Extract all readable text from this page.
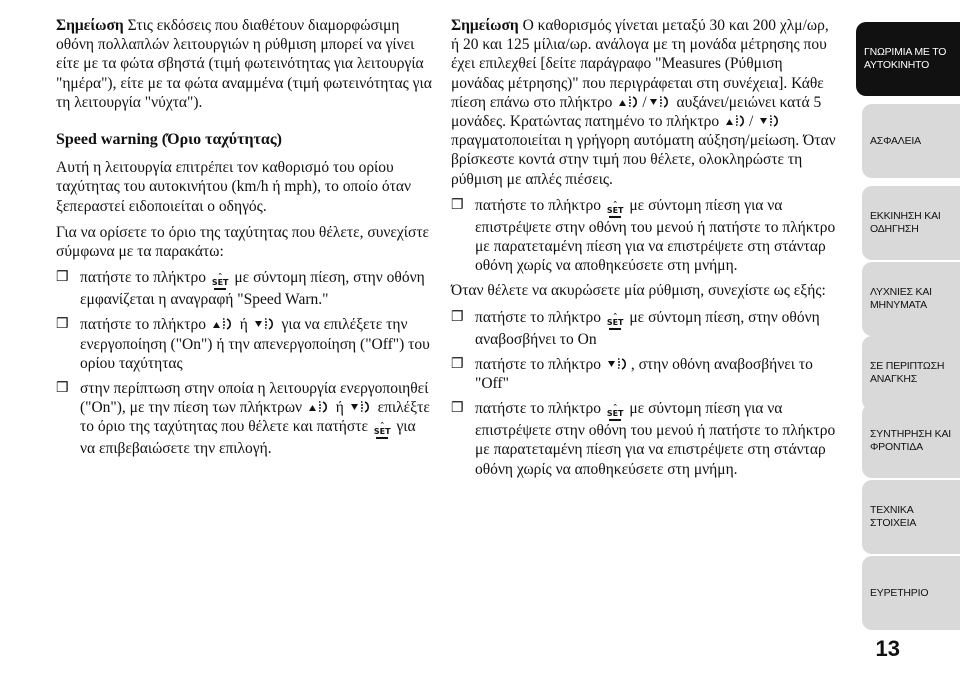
Σημείωση Στις εκδόσεις που διαθέτουν διαμορφώσιμη οθόνη πολλαπλών λειτουργιών η ρύθμιση μπορεί να γίνει είτε με τα φώτα σβηστά (τιμή φωτεινότητας για λειτουργία "ημέρα"), είτε με τα φώτα αναμμένα (τιμή φωτεινότητας για τη λειτουργία "νύχτα").

Speed warning (Όριο ταχύτητας)

Αυτή η λειτουργία επιτρέπει τον καθορισμό του ορίου ταχύτητας του αυτοκινήτου (km/h ή mph), το οποίο όταν ξεπεραστεί ειδοποιείται ο οδηγός.

Για να ορίσετε το όριο της ταχύτητας που θέλετε, συνεχίστε σύμφωνα με τα παρακάτω:

❒ πατήστε το πλήκτρο	⌃
SET με σύντομη πίεση, στην οθόνη εμφανίζεται η αναγραφή "Speed Warn."
❒ πατήστε το πλήκτρο ή για να επιλέξετε την ενεργοποίηση ("On") ή την απενεργοποίηση ("Off") του ορίου ταχύτητας
❒ στην περίπτωση στην οποία η λειτουργία ενεργοποιηθεί ("On"), με την πίεση των πλήκτρων ή επιλέξτε το όριο της ταχύτητας που θέλετε και πατήστε	⌃
SET για να επιβεβαιώσετε την επιλογή.

Σημείωση Ο καθορισμός γίνεται μεταξύ 30 και 200 χλμ/ωρ, ή 20 και 125 μίλια/ωρ. ανάλογα με τη μονάδα μέτρησης που έχει επιλεχθεί [δείτε παράγραφο "Measures (Ρύθμιση μονάδας μέτρησης)" που περιγράφεται στη συνέχεια]. Κάθε πίεση επάνω στο πλήκτρο / αυξάνει/μειώνει κατά 5 μονάδες. Κρατώντας πατημένο το πλήκτρο /
πραγματοποιείται η γρήγορη αυτόματη αύξηση/μείωση. Όταν βρίσκεστε κοντά στην τιμή που θέλετε, ολοκληρώστε τη ρύθμιση με απλές πιέσεις.

❒ πατήστε το πλήκτρο	⌃
SET με σύντομη πίεση για να επιστρέψετε στην οθόνη του μενού ή πατήστε το πλήκτρο με παρατεταμένη πίεση για να επιστρέψετε στη στάνταρ οθόνη χωρίς να αποθηκεύσετε στη μνήμη.

Όταν θέλετε να ακυρώσετε μία ρύθμιση, συνεχίστε ως εξής:

❒ πατήστε το πλήκτρο	⌃
SET με σύντομη πίεση, στην οθόνη αναβοσβήνει το On
❒ πατήστε το πλήκτρο , στην οθόνη αναβοσβήνει το "Off"
❒ πατήστε το πλήκτρο	⌃
SET με σύντομη πίεση για να επιστρέψετε στην οθόνη του μενού ή πατήστε το πλήκτρο με παρατεταμένη πίεση για να επιστρέψετε στη στάνταρ οθόνη χωρίς να αποθηκεύσετε στη μνήμη.
ΓΝΩΡΙΜΙΑ ΜΕ ΤΟ ΑΥΤΟΚΙΝΗΤΟ
ΑΣΦΑΛΕΙΑ
ΕΚΚΙΝΗΣΗ ΚΑΙ ΟΔΗΓΗΣΗ
ΛΥΧΝΙΕΣ ΚΑΙ ΜΗΝΥΜΑΤΑ
ΣΕ ΠΕΡΙΠΤΩΣΗ ΑΝΑΓΚΗΣ
ΣΥΝΤΗΡΗΣΗ ΚΑΙ ΦΡΟΝΤΙΔΑ
ΤΕΧΝΙΚΑ ΣΤΟΙΧΕΙΑ
ΕΥΡΕΤΗΡΙΟ
13
